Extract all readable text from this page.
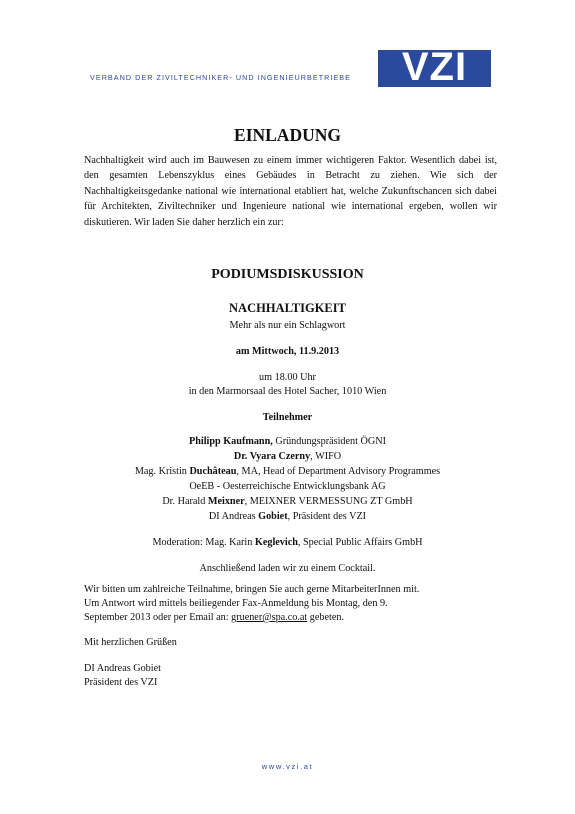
VERBAND DER ZIVILTECHNIKER- UND INGENIEURBETRIEBE	VZI
EINLADUNG

Nachhaltigkeit wird auch im Bauwesen zu einem immer wichtigeren Faktor. Wesentlich dabei ist, den gesamten Lebenszyklus eines Gebäudes in Betracht zu ziehen. Wie sich der Nachhaltigkeitsgedanke national wie international etabliert hat, welche Zukunftschancen sich dabei für Architekten, Ziviltechniker und Ingenieure national wie international ergeben, wollen wir diskutieren. Wir laden Sie daher herzlich ein zur:

PODIUMSDISKUSSION
NACHHALTIGKEIT
Mehr als nur ein Schlagwort
am Mittwoch, 11.9.2013
um 18.00 Uhr
in den Marmorsaal des Hotel Sacher, 1010 Wien
Teilnehmer
Philipp Kaufmann, Gründungspräsident ÖGNI
Dr. Vyara Czerny, WIFO
Mag. Kristin Duchâteau, MA, Head of Department Advisory Programmes
OeEB - Oesterreichische Entwicklungsbank AG
Dr. Harald Meixner, MEIXNER VERMESSUNG ZT GmbH
DI Andreas Gobiet, Präsident des VZI
Moderation: Mag. Karin Keglevich, Special Public Affairs GmbH
Anschließend laden wir zu einem Cocktail.
Wir bitten um zahlreiche Teilnahme, bringen Sie auch gerne MitarbeiterInnen mit.
Um Antwort wird mittels beiliegender Fax-Anmeldung bis Montag, den 9.
September 2013 oder per Email an: gruener@spa.co.at gebeten.
Mit herzlichen Grüßen
DI Andreas Gobiet
Präsident des VZI
www.vzi.at
